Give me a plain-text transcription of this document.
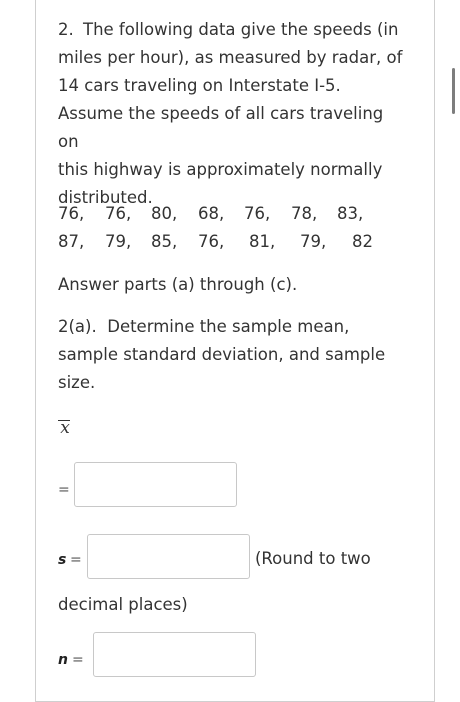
2. The following data give the speeds (in
miles per hour), as measured by radar, of
14 cars traveling on Interstate I-5.
Assume the speeds of all cars traveling on
this highway is approximately normally
distributed.
76, 76, 80, 68, 76, 78, 83,
87, 79, 85, 76, 81, 79, 82
Answer parts (a) through (c).
2(a). Determine the sample mean,
sample standard deviation, and sample
size.
x
=
s =	(Round to two
decimal places)
n =
